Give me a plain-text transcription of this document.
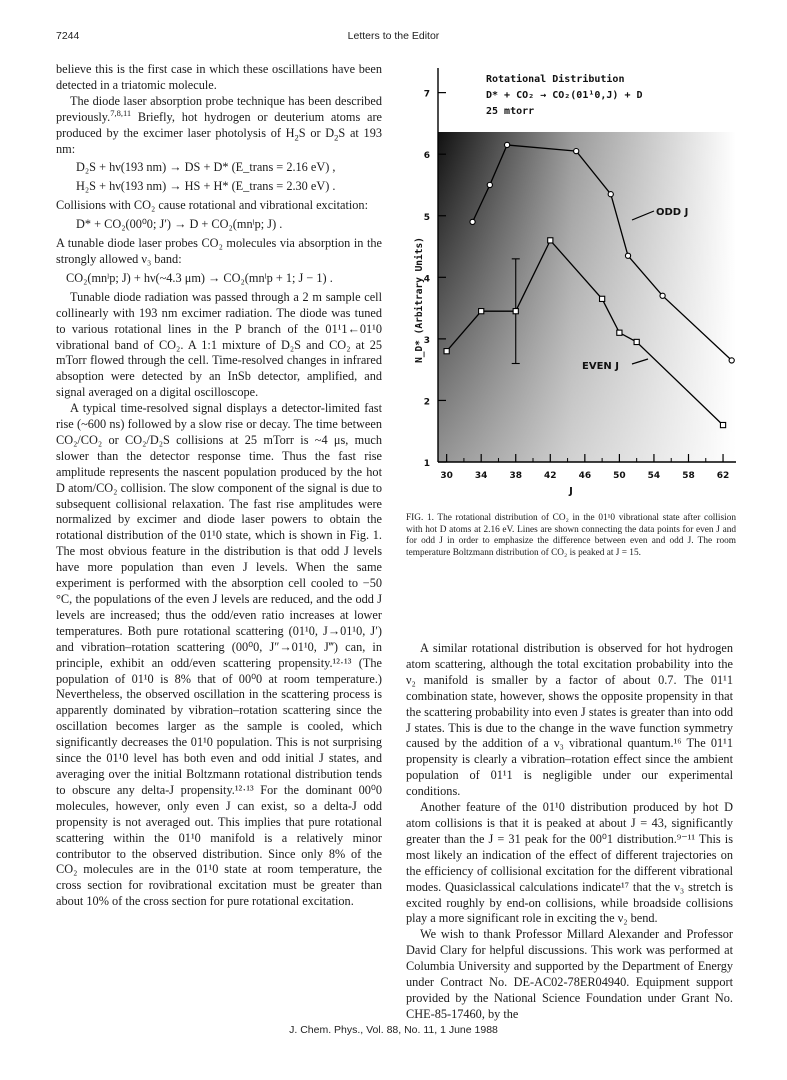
7244	Letters to the Editor

believe this is the first case in which these oscillations have been detected in a triatomic molecule.

The diode laser absorption probe technique has been described previously.$^{7,8,11}$ Briefly, hot hydrogen or deuterium atoms are produced by the excimer laser photolysis of $H_2S$ or $D_2S$ at 193 nm:

D₂S + hν(193 nm) → DS + D* (E_trans = 2.16 eV) ,
H₂S + hν(193 nm) → HS + H* (E_trans = 2.30 eV) .

Collisions with CO₂ cause rotational and vibrational excitation:

D* + CO₂(00⁰0; J′) → D + CO₂(mnˡp; J) .

A tunable diode laser probes CO₂ molecules via absorption in the strongly allowed ν₃ band:

CO₂(mnˡp; J) + hν(~4.3 μm) → CO₂(mnˡp + 1; J − 1) .

Tunable diode radiation was passed through a 2 m sample cell collinearly with 193 nm excimer radiation. The diode was tuned to various rotational lines in the P branch of the 01¹1←01¹0 vibrational band of CO₂. A 1:1 mixture of D₂S and CO₂ at 25 mTorr flowed through the cell. Time-resolved changes in infrared absoption were detected by an InSb detector, amplified, and signal averaged on a digital oscilloscope.

A typical time-resolved signal displays a detector-limited fast rise (~600 ns) followed by a slow rise or decay. The time between CO₂/CO₂ or CO₂/D₂S collisions at 25 mTorr is ~4 μs, much slower than the detector response time. Thus the fast rise amplitude represents the nascent population produced by the hot D atom/CO₂ collision. The slow component of the signal is due to subsequent collisional relaxation. The fast rise amplitudes were normalized by excimer and diode laser powers to obtain the rotational distribution of the 01¹0 state, which is shown in Fig. 1. The most obvious feature in the distribution is that odd J levels have more population than even J levels. When the same experiment is performed with the absorption cell cooled to −50 °C, the populations of the even J levels are reduced, and the odd J levels are increased; thus the odd/even ratio increases at lower temperatures. Both pure rotational scattering (01¹0, J→01¹0, J′) and vibration–rotation scattering (00⁰0, J″→01¹0, J‴) can, in principle, exhibit an odd/even scattering propensity.¹²·¹³ (The population of 01¹0 is 8% that of 00⁰0 at room temperature.) Nevertheless, the observed oscillation in the scattering process is apparently dominated by vibration–rotation scattering since the oscillation becomes larger as the sample is cooled, which significantly decreases the 01¹0 population. This is not surprising since the 01¹0 level has both even and odd initial J states, and averaging over the initial Boltzmann rotational distribution tends to obscure any delta-J propensity.¹²·¹³ For the dominant 00⁰0 molecules, however, only even J can exist, so a delta-J odd propensity is not averaged out. This implies that pure rotational scattering within the 01¹0 manifold is a relatively minor contributor to the observed distribution. Since only 8% of the CO₂ molecules are in the 01¹0 state at room temperature, the cross section for rovibrational excitation must be greater than about 10% of the cross section for pure rotational excitation.

1
2
3
4
5
6
7
30 34 38 42 46 50 54 58 62
Rotational Distribution
D* + CO₂ → CO₂(01¹0,J) + D
25 mtorr
N_D* (Arbitrary Units)
J
ODD J
EVEN J
FIG. 1. The rotational distribution of CO₂ in the 01¹0 vibrational state after collision with hot D atoms at 2.16 eV. Lines are shown connecting the data points for even J and for odd J in order to emphasize the difference between even and odd J. The room temperature Boltzmann distribution of CO₂ is peaked at J = 15.

A similar rotational distribution is observed for hot hydrogen atom scattering, although the total excitation probability into the ν₂ manifold is smaller by a factor of about 0.7. The 01¹1 combination state, however, shows the opposite propensity in that the scattering probability into even J states is greater than into odd J states. This is due to the change in the wave function symmetry caused by the addition of a ν₃ vibrational quantum.¹⁶ The 01¹1 propensity is clearly a vibration–rotation effect since the ambient population of 01¹1 is negligible under our experimental conditions.

Another feature of the 01¹0 distribution produced by hot D atom collisions is that it is peaked at about J = 43, significantly greater than the J = 31 peak for the 00⁰1 distribution.⁹⁻¹¹ This is most likely an indication of the effect of different trajectories on the efficiency of collisional excitation for the different vibrational modes. Quasiclassical calculations indicate¹⁷ that the ν₃ stretch is excited roughly by end-on collisions, while broadside collisions play a more significant role in exciting the ν₂ bend.

We wish to thank Professor Millard Alexander and Professor David Clary for helpful discussions. This work was performed at Columbia University and supported by the Department of Energy under Contract No. DE-AC02-78ER04940. Equipment support provided by the National Science Foundation under Grant No. CHE-85-17460, by the

J. Chem. Phys., Vol. 88, No. 11, 1 June 1988
